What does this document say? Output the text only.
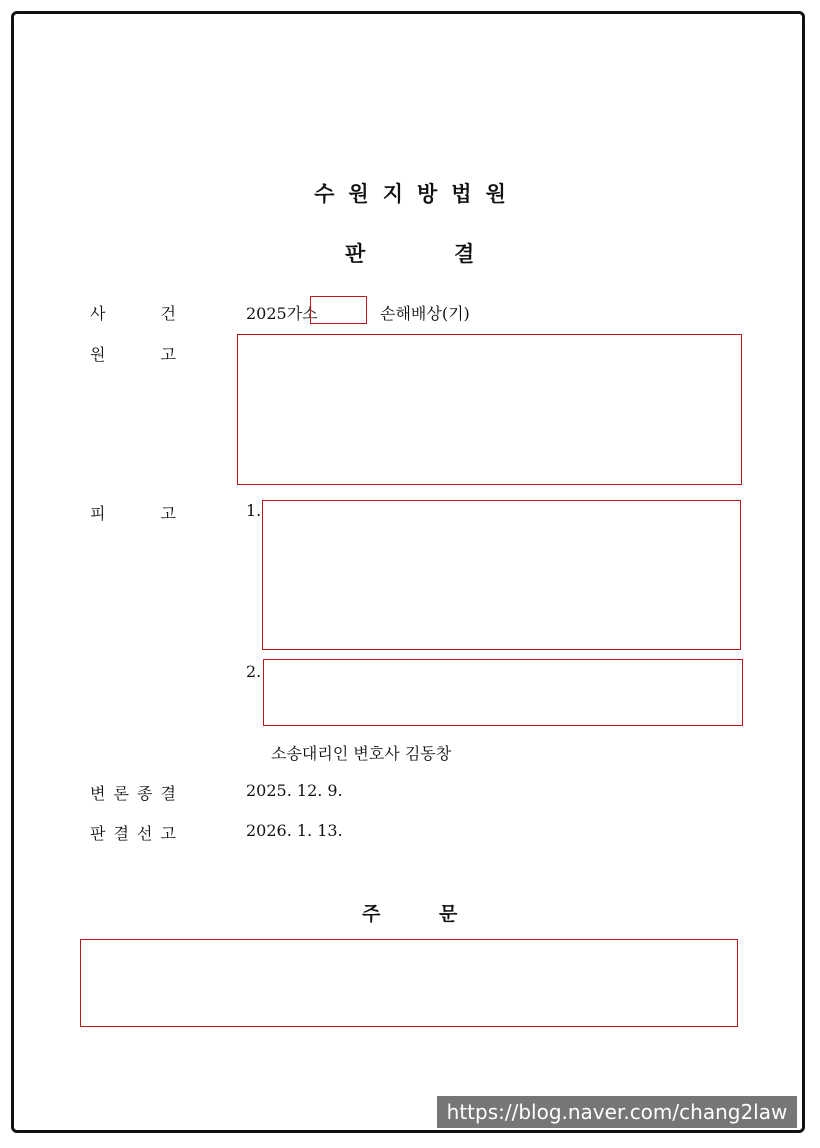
수원지방법원
판	결
사	건	2025가소	손해배상(기)
원	고
피	고	1.
2.
소송대리인 변호사 김동창
변 론 종 결	2025. 12. 9.
판 결 선 고	2026. 1. 13.
주	문
https://blog.naver.com/chang2law
